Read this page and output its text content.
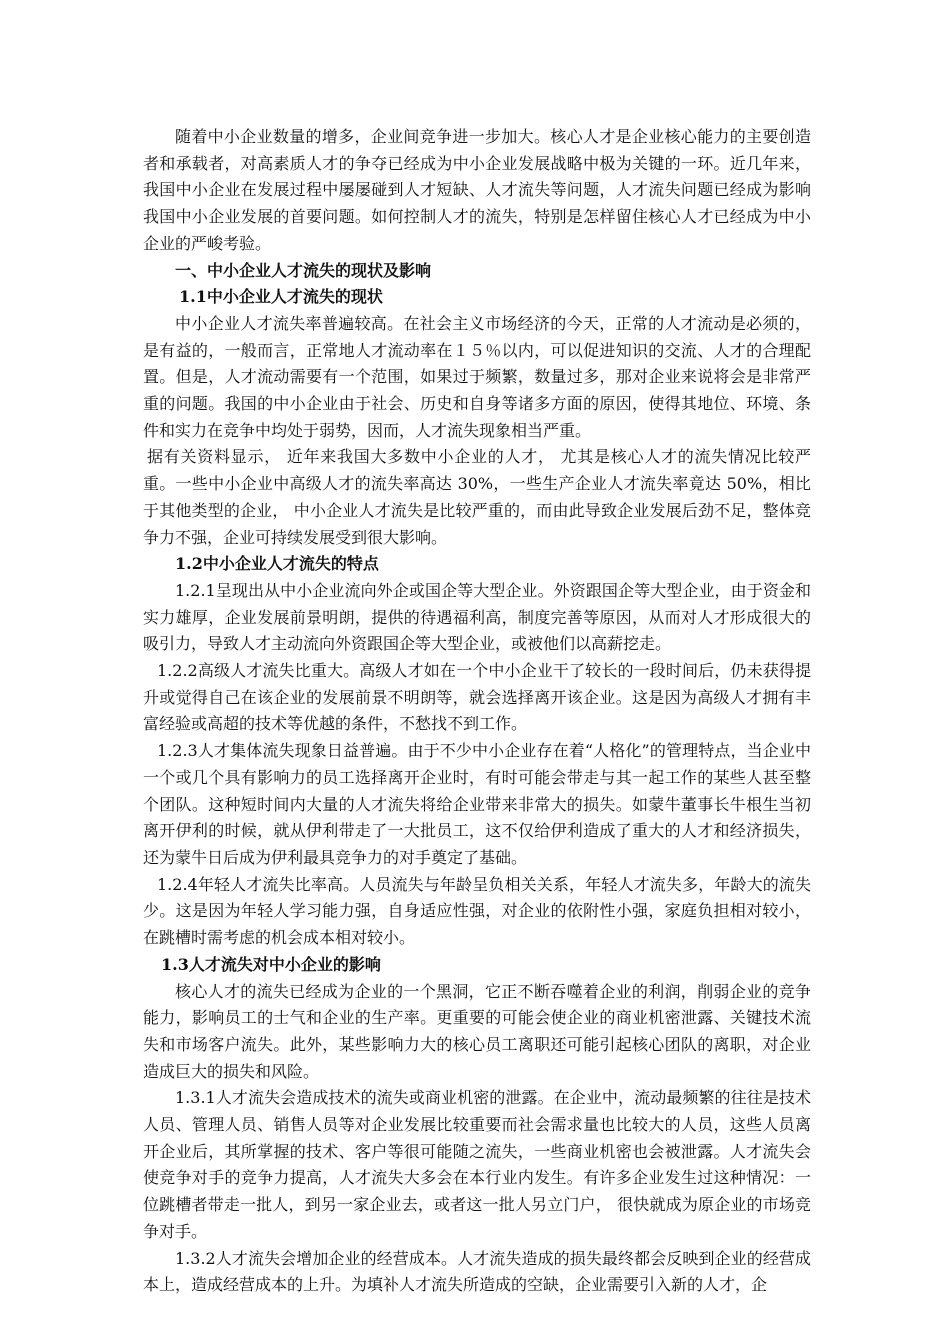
随着中小企业数量的增多，企业间竞争进一步加大。核心人才是企业核心能力的主要创造者和承载者，对高素质人才的争夺已经成为中小企业发展战略中极为关键的一环。近几年来，我国中小企业在发展过程中屡屡碰到人才短缺、人才流失等问题，人才流失问题已经成为影响我国中小企业发展的首要问题。如何控制人才的流失，特别是怎样留住核心人才已经成为中小企业的严峻考验。

一、中小企业人才流失的现状及影响

1.1中小企业人才流失的现状

中小企业人才流失率普遍较高。在社会主义市场经济的今天，正常的人才流动是必须的，是有益的，一般而言，正常地人才流动率在１５％以内，可以促进知识的交流、人才的合理配置。但是，人才流动需要有一个范围，如果过于频繁，数量过多，那对企业来说将会是非常严重的问题。我国的中小企业由于社会、历史和自身等诸多方面的原因，使得其地位、环境、条件和实力在竞争中均处于弱势，因而，人才流失现象相当严重。

据有关资料显示， 近年来我国大多数中小企业的人才， 尤其是核心人才的流失情况比较严重。一些中小企业中高级人才的流失率高达 30%，一些生产企业人才流失率竟达 50%，相比于其他类型的企业， 中小企业人才流失是比较严重的，而由此导致企业发展后劲不足，整体竞争力不强，企业可持续发展受到很大影响。

1.2中小企业人才流失的特点

1.2.1呈现出从中小企业流向外企或国企等大型企业。外资跟国企等大型企业，由于资金和实力雄厚，企业发展前景明朗，提供的待遇福利高，制度完善等原因，从而对人才形成很大的吸引力，导致人才主动流向外资跟国企等大型企业，或被他们以高薪挖走。

1.2.2高级人才流失比重大。高级人才如在一个中小企业干了较长的一段时间后，仍未获得提升或觉得自己在该企业的发展前景不明朗等，就会选择离开该企业。这是因为高级人才拥有丰富经验或高超的技术等优越的条件，不愁找不到工作。

1.2.3人才集体流失现象日益普遍。由于不少中小企业存在着“人格化”的管理特点，当企业中一个或几个具有影响力的员工选择离开企业时，有时可能会带走与其一起工作的某些人甚至整个团队。这种短时间内大量的人才流失将给企业带来非常大的损失。如蒙牛董事长牛根生当初离开伊利的时候，就从伊利带走了一大批员工，这不仅给伊利造成了重大的人才和经济损失，还为蒙牛日后成为伊利最具竞争力的对手奠定了基础。

1.2.4年轻人才流失比率高。人员流失与年龄呈负相关关系，年轻人才流失多，年龄大的流失少。这是因为年轻人学习能力强，自身适应性强，对企业的依附性小强，家庭负担相对较小，在跳槽时需考虑的机会成本相对较小。

1.3人才流失对中小企业的影响

核心人才的流失已经成为企业的一个黑洞，它正不断吞噬着企业的利润，削弱企业的竞争能力，影响员工的士气和企业的生产率。更重要的可能会使企业的商业机密泄露、关键技术流失和市场客户流失。此外，某些影响力大的核心员工离职还可能引起核心团队的离职，对企业造成巨大的损失和风险。

1.3.1人才流失会造成技术的流失或商业机密的泄露。在企业中，流动最频繁的往往是技术人员、管理人员、销售人员等对企业发展比较重要而社会需求量也比较大的人员，这些人员离开企业后，其所掌握的技术、客户等很可能随之流失，一些商业机密也会被泄露。人才流失会使竞争对手的竞争力提高，人才流失大多会在本行业内发生。有许多企业发生过这种情况：一位跳槽者带走一批人，到另一家企业去，或者这一批人另立门户， 很快就成为原企业的市场竞争对手。

1.3.2人才流失会增加企业的经营成本。人才流失造成的损失最终都会反映到企业的经营成本上，造成经营成本的上升。为填补人才流失所造成的空缺，企业需要引入新的人才，企
